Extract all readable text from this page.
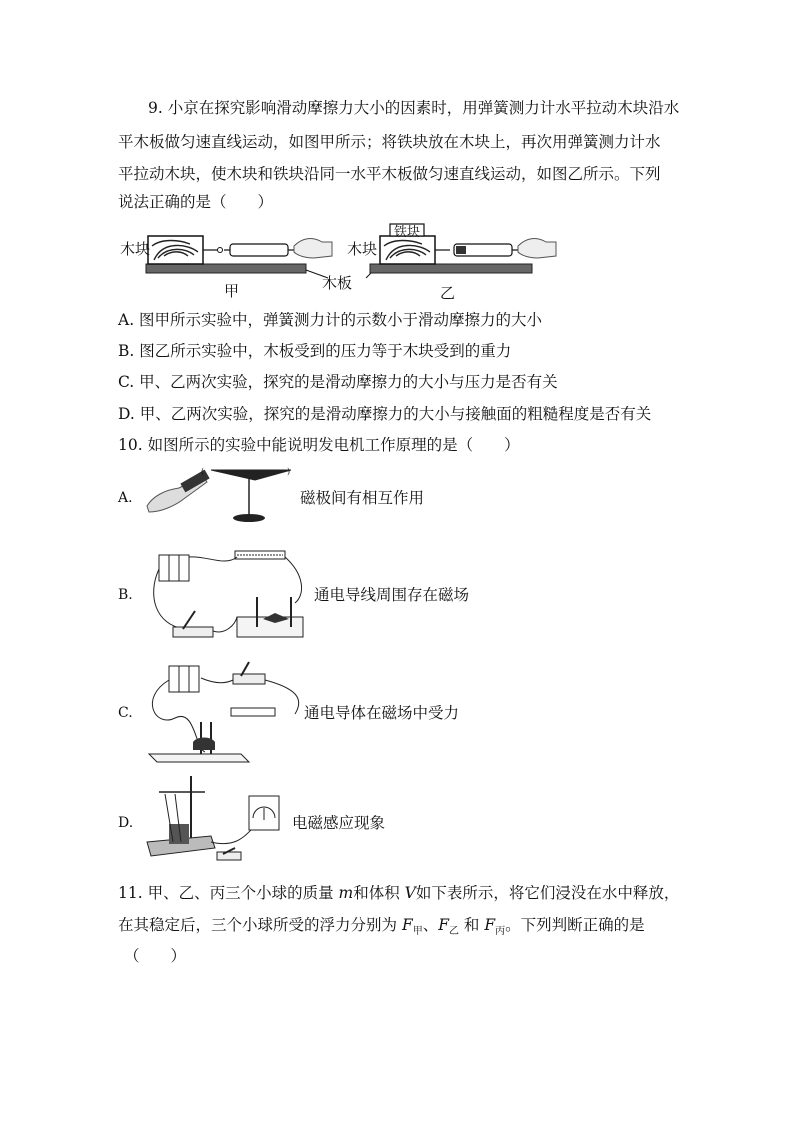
9. 小京在探究影响滑动摩擦力大小的因素时，用弹簧测力计水平拉动木块沿水
平木板做匀速直线运动，如图甲所示；将铁块放在木块上，再次用弹簧测力计水
平拉动木块，使木块和铁块沿同一水平木板做匀速直线运动，如图乙所示。下列
说法正确的是（　　）
木块	木块
铁块
木板
甲	乙
A. 图甲所示实验中，弹簧测力计的示数小于滑动摩擦力的大小
B. 图乙所示实验中，木板受到的压力等于木块受到的重力
C. 甲、乙两次实验，探究的是滑动摩擦力的大小与压力是否有关
D. 甲、乙两次实验，探究的是滑动摩擦力的大小与接触面的粗糙程度是否有关
10. 如图所示的实验中能说明发电机工作原理的是（　　）
A.
(	)
磁极间有相互作用
B.	通电导线周围存在磁场
C.	通电导体在磁场中受力
D.	电磁感应现象
11. 甲、乙、丙三个小球的质量 m和体积 V如下表所示，将它们浸没在水中释放，
在其稳定后，三个小球所受的浮力分别为 $F_甲$、$F_乙$ 和 $F_丙$。下列判断正确的是
（　　）
